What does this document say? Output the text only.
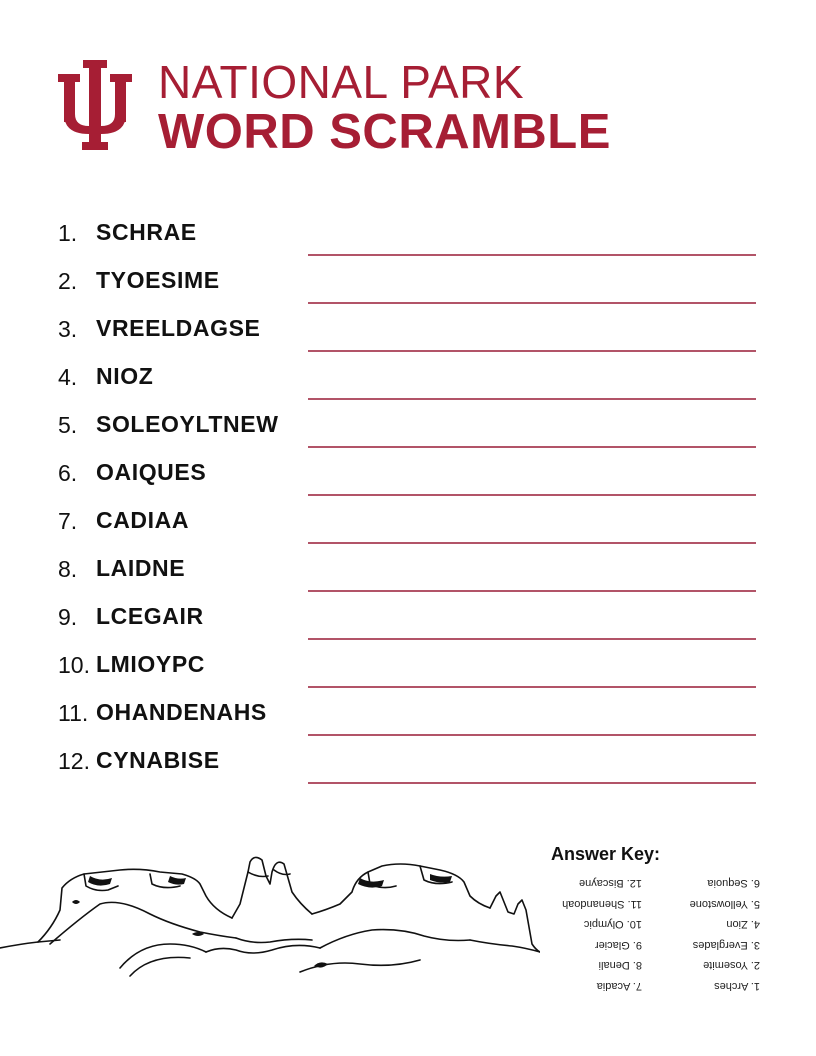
NATIONAL PARK
WORD SCRAMBLE
1. SCHRAE
2. TYOESIME
3. VREELDAGSE
4. NIOZ
5. SOLEOYLTNEW
6. OAIQUES
7. CADIAA
8. LAIDNE
9. LCEGAIR
10. LMIOYPC
11. OHANDENAHS
12. CYNABISE
Answer Key:
1. Arches
2. Yosemite
3. Everglades
4. Zion
5. Yellowstone
6. Sequoia
7. Acadia
8. Denali
9. Glacier
10. Olympic
11. Shenandoah
12. Biscayne
